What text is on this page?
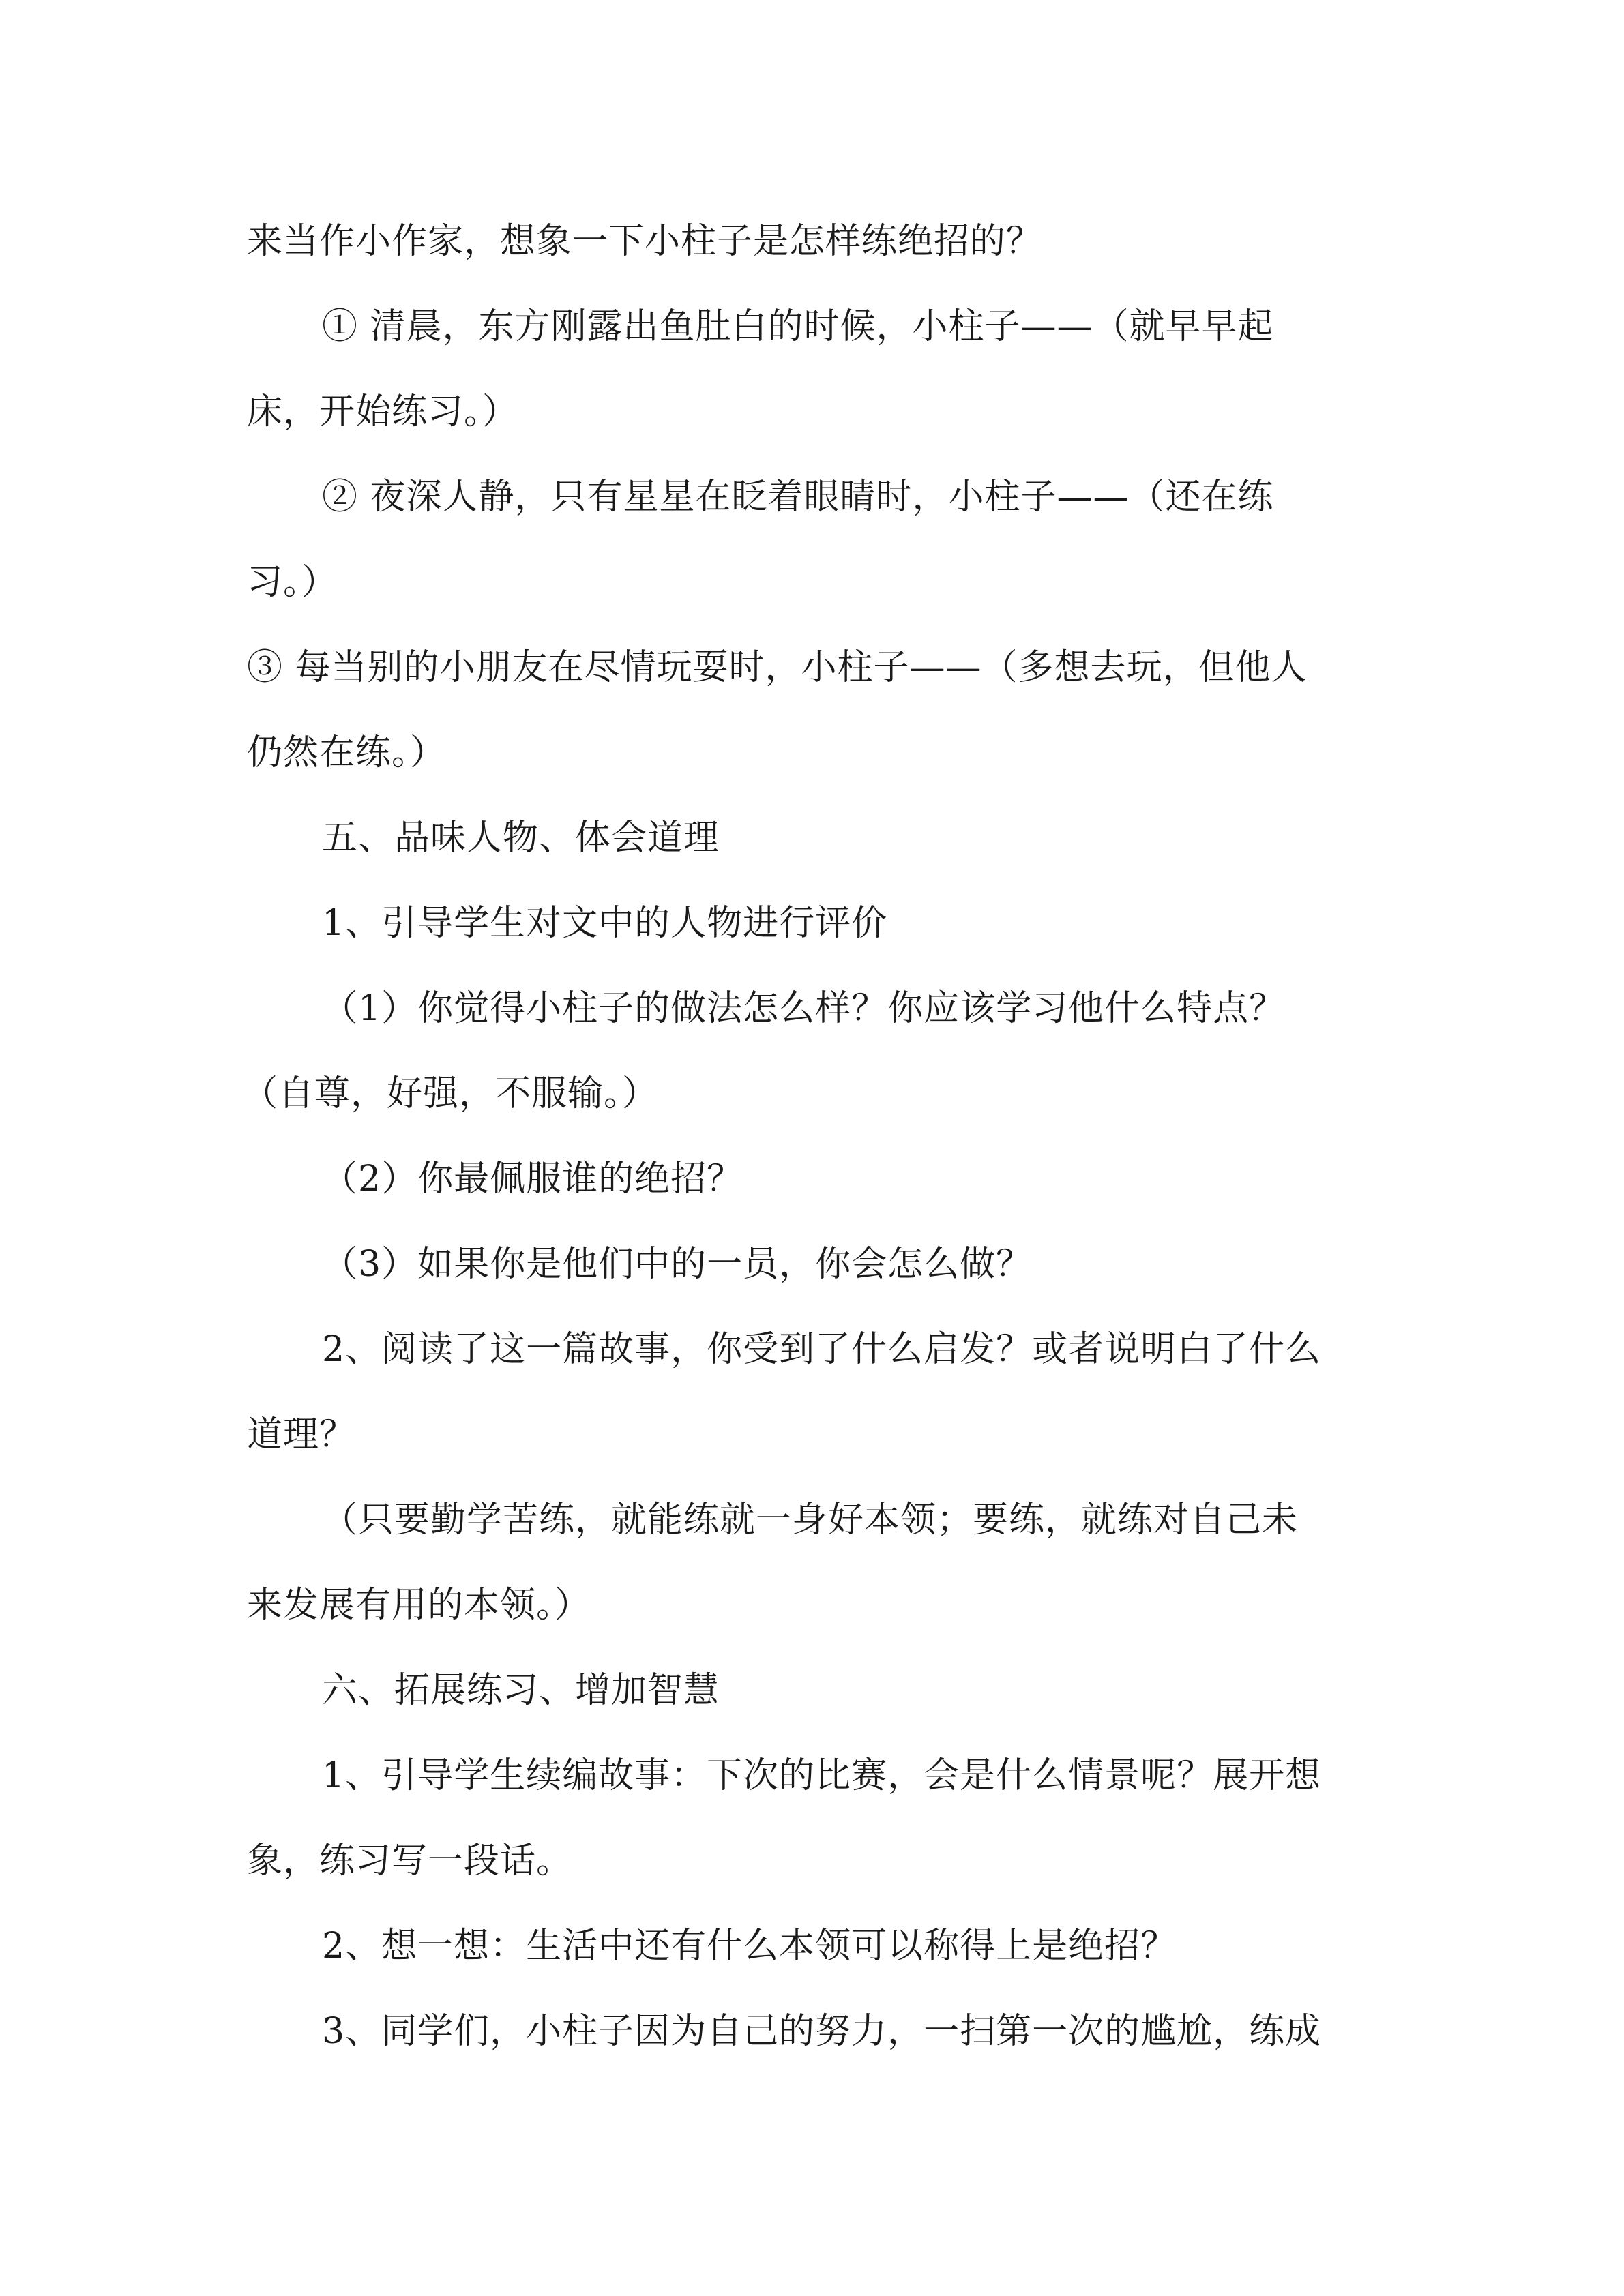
来当作小作家，想象一下小柱子是怎样练绝招的？
① 清晨，东方刚露出鱼肚白的时候，小柱子——（就早早起
床，开始练习。）
② 夜深人静，只有星星在眨着眼睛时，小柱子——（还在练
习。）
③ 每当别的小朋友在尽情玩耍时，小柱子——（多想去玩，但他人
仍然在练。）
五、品味人物、体会道理
1、引导学生对文中的人物进行评价
（1）你觉得小柱子的做法怎么样？你应该学习他什么特点？
（自尊，好强，不服输。）
（2）你最佩服谁的绝招？
（3）如果你是他们中的一员，你会怎么做？
2、阅读了这一篇故事，你受到了什么启发？或者说明白了什么
道理？
（只要勤学苦练，就能练就一身好本领；要练，就练对自己未
来发展有用的本领。）
六、拓展练习、增加智慧
1、引导学生续编故事：下次的比赛，会是什么情景呢？展开想
象，练习写一段话。
2、想一想：生活中还有什么本领可以称得上是绝招？
3、同学们，小柱子因为自己的努力，一扫第一次的尴尬，练成
